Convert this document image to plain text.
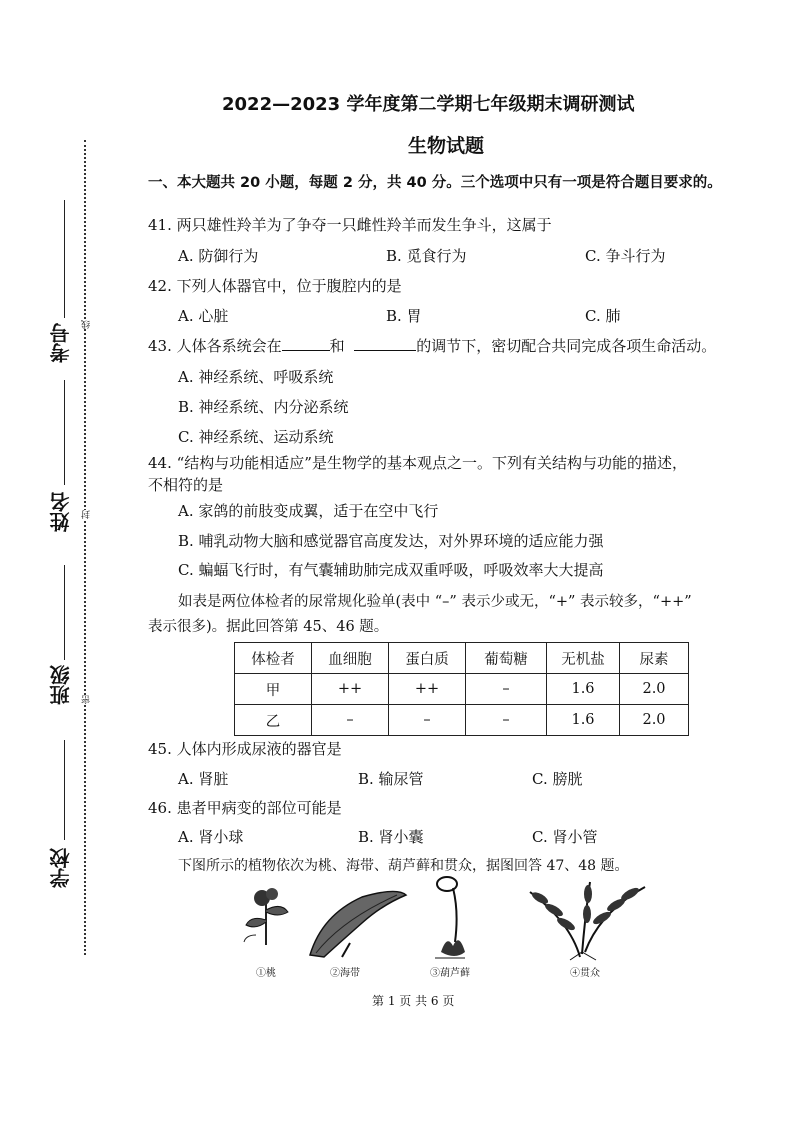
线
封
密
学校
班级
姓名
考号
2022—2023 学年度第二学期七年级期末调研测试
生物试题
一、本大题共 20 小题，每题 2 分，共 40 分。三个选项中只有一项是符合题目要求的。
41. 两只雄性羚羊为了争夺一只雌性羚羊而发生争斗，这属于
A. 防御行为	B. 觅食行为	C. 争斗行为
42. 下列人体器官中，位于腹腔内的是
A. 心脏	B. 胃	C. 肺
43. 人体各系统会在	和	的调节下，密切配合共同完成各项生命活动。
A. 神经系统、呼吸系统
B. 神经系统、内分泌系统
C. 神经系统、运动系统
44. “结构与功能相适应”是生物学的基本观点之一。下列有关结构与功能的描述，
不相符的是
A. 家鸽的前肢变成翼，适于在空中飞行
B. 哺乳动物大脑和感觉器官高度发达，对外界环境的适应能力强
C. 蝙蝠飞行时，有气囊辅助肺完成双重呼吸，呼吸效率大大提高
如表是两位体检者的尿常规化验单(表中 “–” 表示少或无，“+” 表示较多，“++”
表示很多)。据此回答第 45、46 题。
体检者	血细胞	蛋白质	葡萄糖	无机盐	尿素
甲	++	++	–	1.6	2.0
乙	–	–	–	1.6	2.0
45. 人体内形成尿液的器官是
A. 肾脏	B. 输尿管	C. 膀胱
46. 患者甲病变的部位可能是
A. 肾小球	B. 肾小囊	C. 肾小管
下图所示的植物依次为桃、海带、葫芦藓和贯众，据图回答 47、48 题。
①桃	②海带	③葫芦藓	④贯众
第 1 页 共 6 页
